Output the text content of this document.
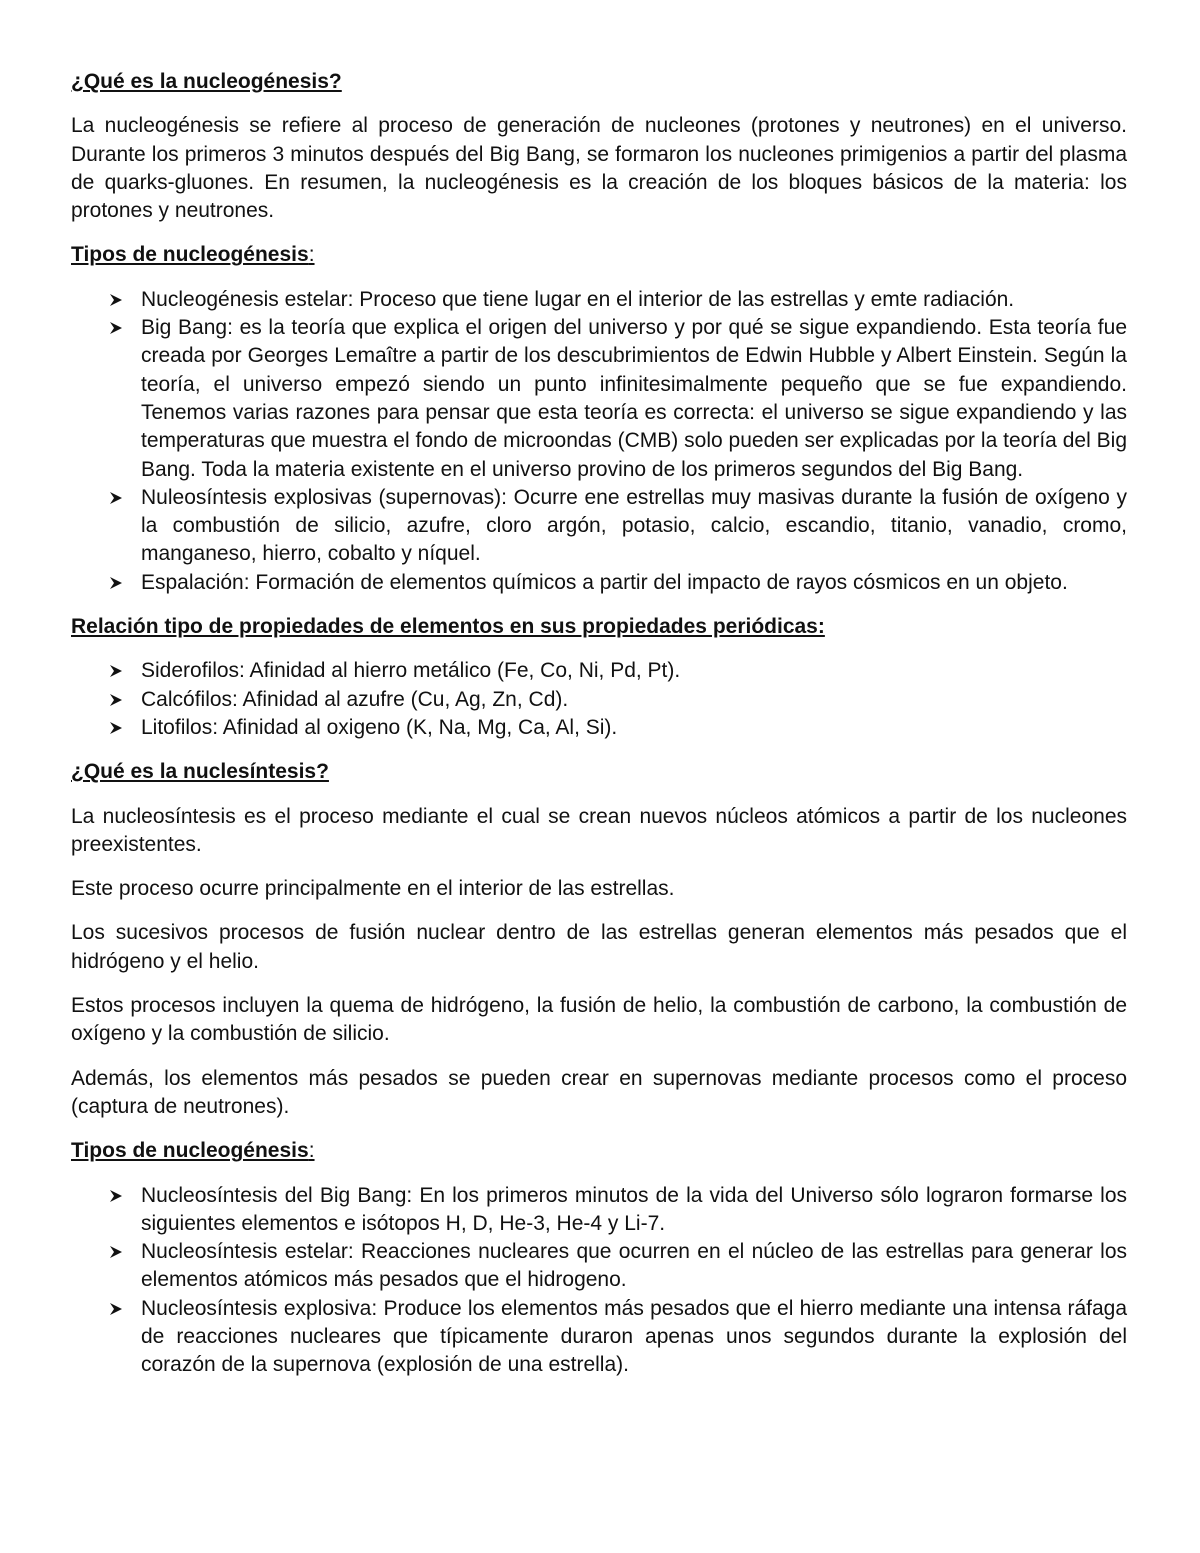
¿Qué es la nucleogénesis?

La nucleogénesis se refiere al proceso de generación de nucleones (protones y neutrones) en el universo. Durante los primeros 3 minutos después del Big Bang, se formaron los nucleones primigenios a partir del plasma de quarks-gluones. En resumen, la nucleogénesis es la creación de los bloques básicos de la materia: los protones y neutrones.

Tipos de nucleogénesis:

Nucleogénesis estelar: Proceso que tiene lugar en el interior de las estrellas y emte radiación.
Big Bang: es la teoría que explica el origen del universo y por qué se sigue expandiendo. Esta teoría fue creada por Georges Lemaître a partir de los descubrimientos de Edwin Hubble y Albert Einstein. Según la teoría, el universo empezó siendo un punto infinitesimalmente pequeño que se fue expandiendo. Tenemos varias razones para pensar que esta teoría es correcta: el universo se sigue expandiendo y las temperaturas que muestra el fondo de microondas (CMB) solo pueden ser explicadas por la teoría del Big Bang. Toda la materia existente en el universo provino de los primeros segundos del Big Bang.
Nuleosíntesis explosivas (supernovas): Ocurre ene estrellas muy masivas durante la fusión de oxígeno y la combustión de silicio, azufre, cloro argón, potasio, calcio, escandio, titanio, vanadio, cromo, manganeso, hierro, cobalto y níquel.
Espalación: Formación de elementos químicos a partir del impacto de rayos cósmicos en un objeto.

Relación tipo de propiedades de elementos en sus propiedades periódicas:

Siderofilos: Afinidad al hierro metálico (Fe, Co, Ni, Pd, Pt).
Calcófilos: Afinidad al azufre (Cu, Ag, Zn, Cd).
Litofilos: Afinidad al oxigeno (K, Na, Mg, Ca, Al, Si).

¿Qué es la nuclesíntesis?

La nucleosíntesis es el proceso mediante el cual se crean nuevos núcleos atómicos a partir de los nucleones preexistentes.

Este proceso ocurre principalmente en el interior de las estrellas.

Los sucesivos procesos de fusión nuclear dentro de las estrellas generan elementos más pesados que el hidrógeno y el helio.

Estos procesos incluyen la quema de hidrógeno, la fusión de helio, la combustión de carbono, la combustión de oxígeno y la combustión de silicio.

Además, los elementos más pesados se pueden crear en supernovas mediante procesos como el proceso (captura de neutrones).

Tipos de nucleogénesis:

Nucleosíntesis del Big Bang: En los primeros minutos de la vida del Universo sólo lograron formarse los siguientes elementos e isótopos H, D, He-3, He-4 y Li-7.
Nucleosíntesis estelar: Reacciones nucleares que ocurren en el núcleo de las estrellas para generar los elementos atómicos más pesados que el hidrogeno.
Nucleosíntesis explosiva: Produce los elementos más pesados que el hierro mediante una intensa ráfaga de reacciones nucleares que típicamente duraron apenas unos segundos durante la explosión del corazón de la supernova (explosión de una estrella).
